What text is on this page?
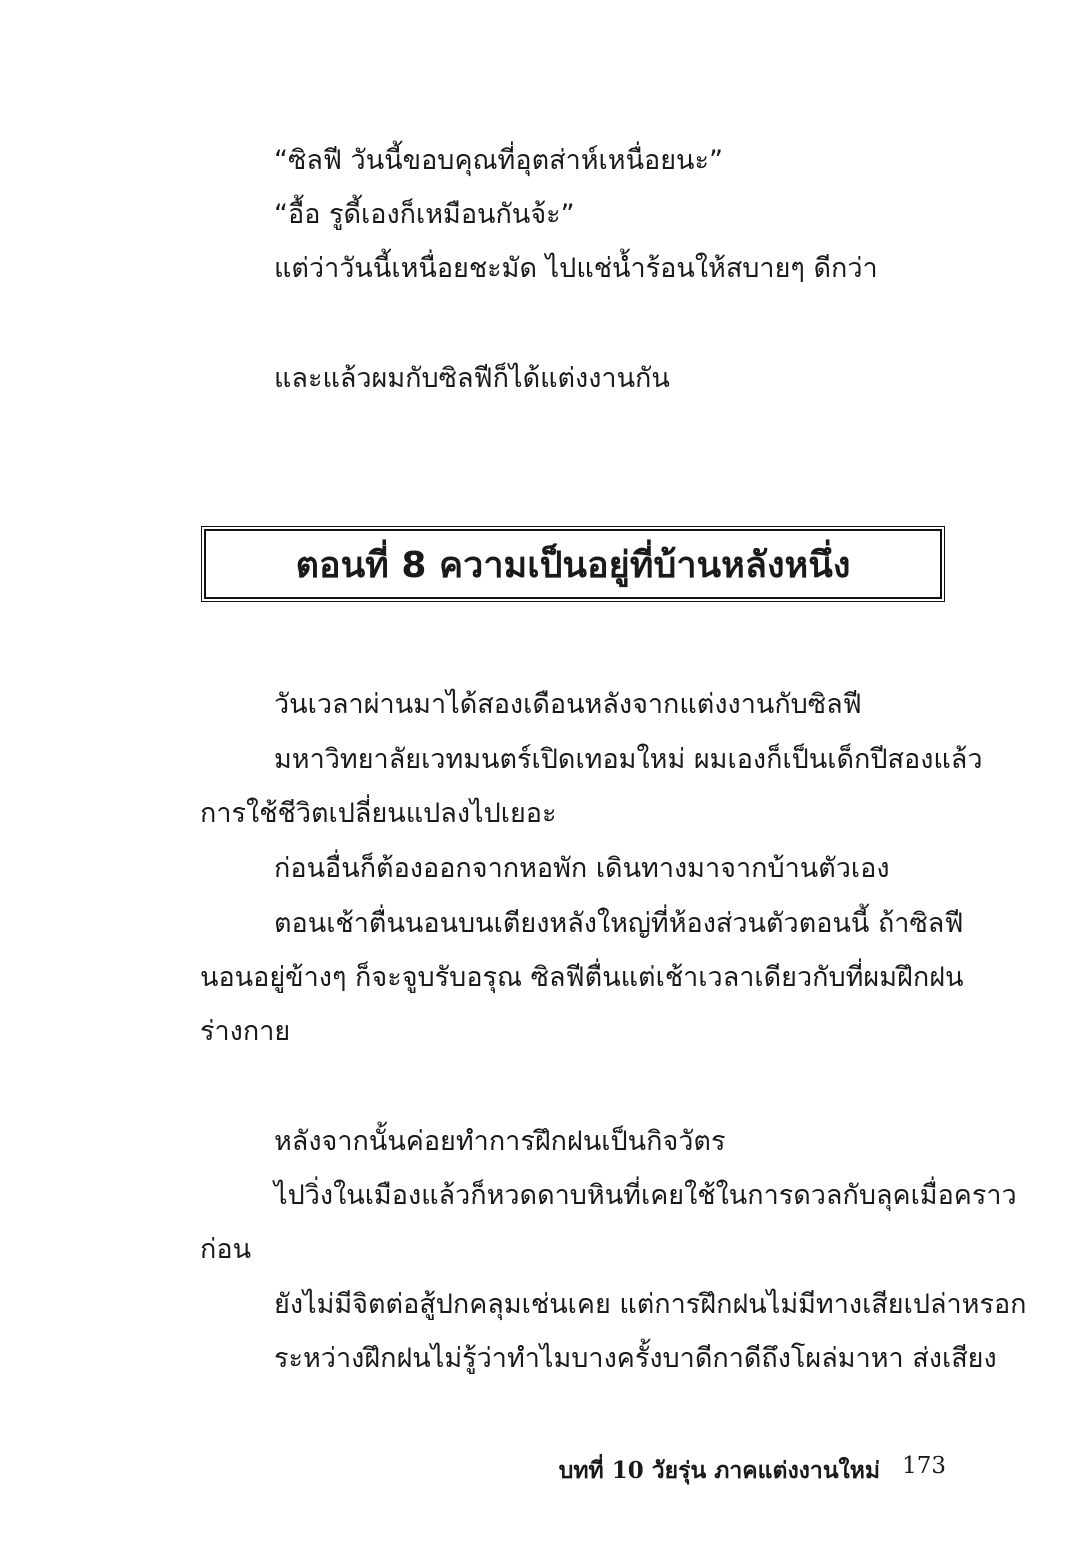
“ซิลฟี วันนี้ขอบคุณที่อุตส่าห์เหนื่อยนะ”
“อื้อ รูดี้เองก็เหมือนกันจ้ะ”
แต่ว่าวันนี้เหนื่อยชะมัด ไปแช่น้ำร้อนให้สบายๆ ดีกว่า
และแล้วผมกับซิลฟีก็ได้แต่งงานกัน
ตอนที่ 8 ความเป็นอยู่ที่บ้านหลังหนึ่ง
วันเวลาผ่านมาได้สองเดือนหลังจากแต่งงานกับซิลฟี
มหาวิทยาลัยเวทมนตร์เปิดเทอมใหม่ ผมเองก็เป็นเด็กปีสองแล้ว
การใช้ชีวิตเปลี่ยนแปลงไปเยอะ
ก่อนอื่นก็ต้องออกจากหอพัก เดินทางมาจากบ้านตัวเอง
ตอนเช้าตื่นนอนบนเตียงหลังใหญ่ที่ห้องส่วนตัวตอนนี้ ถ้าซิลฟี
นอนอยู่ข้างๆ ก็จะจูบรับอรุณ ซิลฟีตื่นแต่เช้าเวลาเดียวกับที่ผมฝึกฝน
ร่างกาย
หลังจากนั้นค่อยทำการฝึกฝนเป็นกิจวัตร
ไปวิ่งในเมืองแล้วก็หวดดาบหินที่เคยใช้ในการดวลกับลุคเมื่อคราว
ก่อน
ยังไม่มีจิตต่อสู้ปกคลุมเช่นเคย แต่การฝึกฝนไม่มีทางเสียเปล่าหรอก
ระหว่างฝึกฝนไม่รู้ว่าทำไมบางครั้งบาดีกาดีถึงโผล่มาหา ส่งเสียง
บทที่ 10 วัยรุ่น ภาคแต่งงานใหม่ 173
